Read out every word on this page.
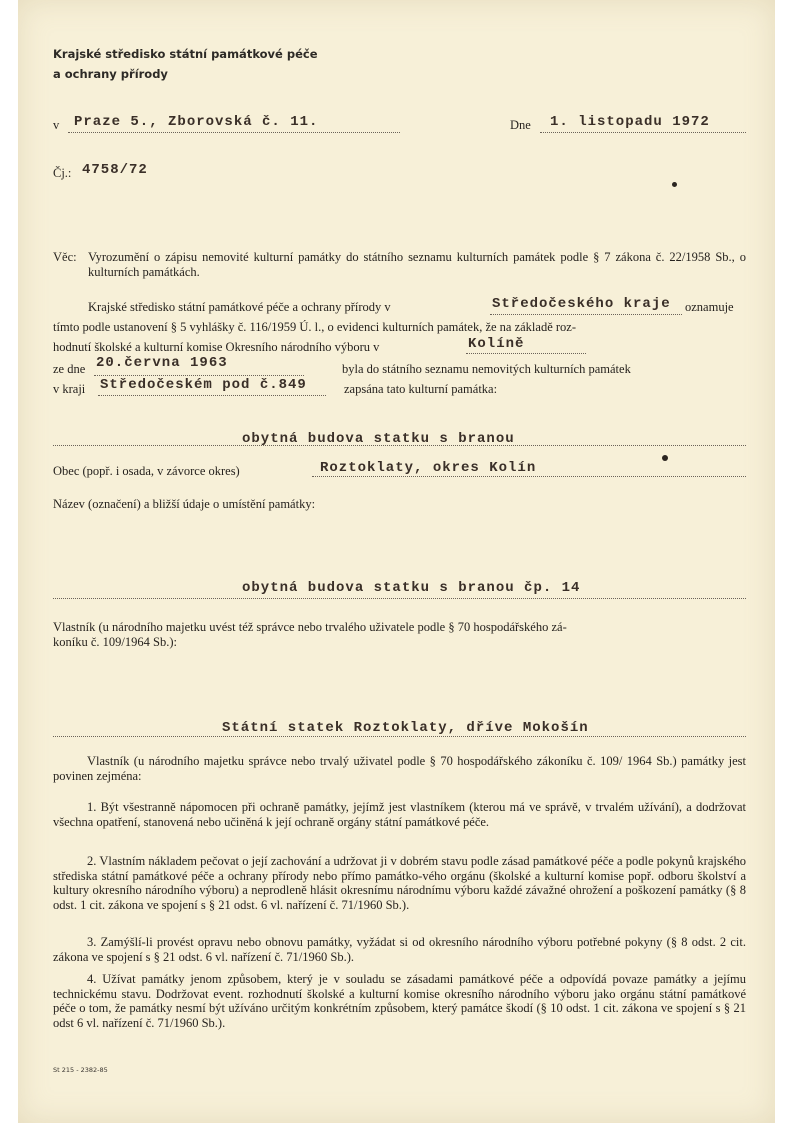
Krajské středisko státní památkové péče
a ochrany přírody
v Praze 5., Zborovská č. 11.	Dne 1. listopadu 1972
Čj.: 4758/72
Věc: Vyrozumění o zápisu nemovité kulturní památky do státního seznamu kulturních památek podle § 7 zákona č. 22/1958 Sb., o kulturních památkách.
Krajské středisko státní památkové péče a ochrany přírody v	Středočeského kraje oznamuje
tímto podle ustanovení § 5 vyhlášky č. 116/1959 Ú. l., o evidenci kulturních památek, že na základě roz-
hodnutí školské a kulturní komise Okresního národního výboru v	Kolíně
ze dne 20.června 1963	byla do státního seznamu nemovitých kulturních památek
v kraji Středočeském pod č.849	zapsána tato kulturní památka:
obytná budova statku s branou
Obec (popř. i osada, v závorce okres)	Roztoklaty, okres Kolín
Název (označení) a bližší údaje o umístění památky:
obytná budova statku s branou čp. 14
Vlastník (u národního majetku uvést též správce nebo trvalého uživatele podle § 70 hospodářského zá-
koníku č. 109/1964 Sb.):
Státní statek Roztoklaty, dříve Mokošín
Vlastník (u národního majetku správce nebo trvalý uživatel podle § 70 hospodářského zákoníku č. 109/ 1964 Sb.) památky jest povinen zejména:
1. Být všestranně nápomocen při ochraně památky, jejímž jest vlastníkem (kterou má ve správě, v trvalém užívání), a dodržovat všechna opatření, stanovená nebo učiněná k její ochraně orgány státní památkové péče.
2. Vlastním nákladem pečovat o její zachování a udržovat ji v dobrém stavu podle zásad památkové péče a podle pokynů krajského střediska státní památkové péče a ochrany přírody nebo přímo památko-vého orgánu (školské a kulturní komise popř. odboru školství a kultury okresního národního výboru) a neprodleně hlásit okresnímu národnímu výboru každé závažné ohrožení a poškození památky (§ 8 odst. 1 cit. zákona ve spojení s § 21 odst. 6 vl. nařízení č. 71/1960 Sb.).
3. Zamýšlí-li provést opravu nebo obnovu památky, vyžádat si od okresního národního výboru potřebné pokyny (§ 8 odst. 2 cit. zákona ve spojení s § 21 odst. 6 vl. nařízení č. 71/1960 Sb.).
4. Užívat památky jenom způsobem, který je v souladu se zásadami památkové péče a odpovídá povaze památky a jejímu technickému stavu. Dodržovat event. rozhodnutí školské a kulturní komise okresního národního výboru jako orgánu státní památkové péče o tom, že památky nesmí být užíváno určitým konkrétním způsobem, který památce škodí (§ 10 odst. 1 cit. zákona ve spojení s § 21 odst 6 vl. nařízení č. 71/1960 Sb.).
St 215 - 2382-85
